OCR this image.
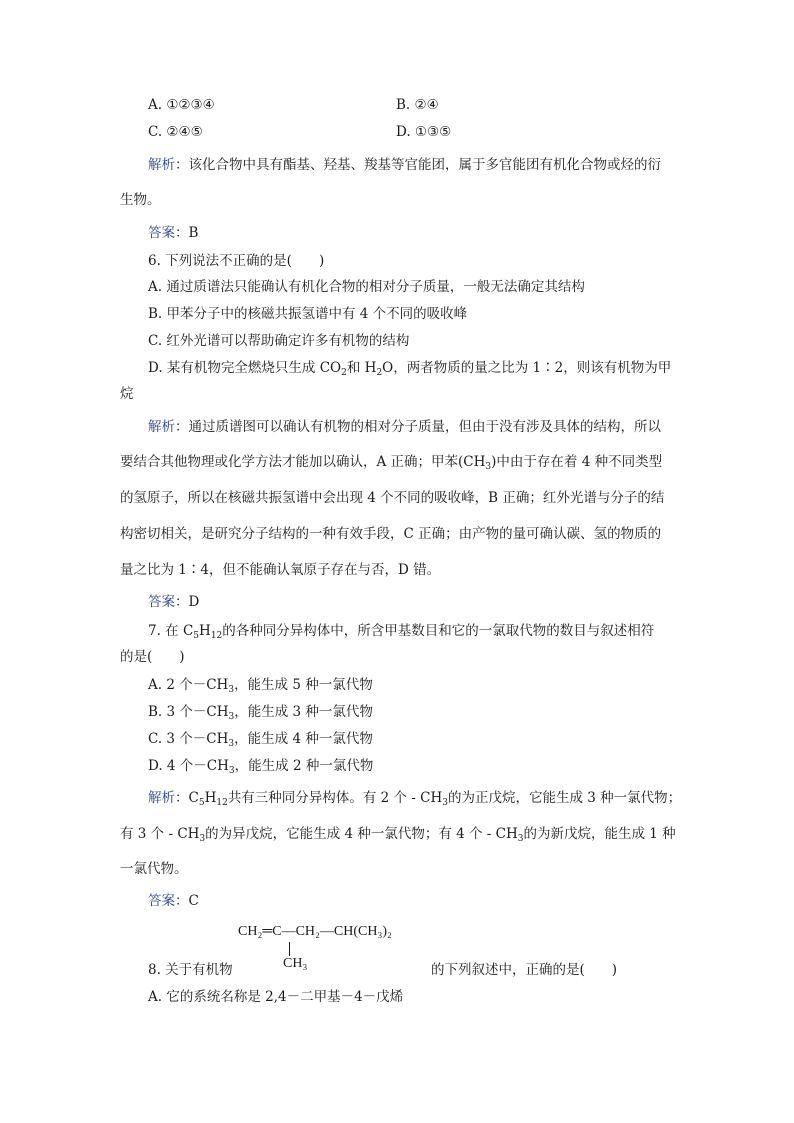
A. ①②③④	B. ②④
C. ②④⑤	D. ①③⑤
解析：该化合物中具有酯基、羟基、羧基等官能团，属于多官能团有机化合物或烃的衍
生物。
答案：B
6. 下列说法不正确的是(　　)
A. 通过质谱法只能确认有机化合物的相对分子质量，一般无法确定其结构
B. 甲苯分子中的核磁共振氢谱中有 4 个不同的吸收峰
C. 红外光谱可以帮助确定许多有机物的结构
D. 某有机物完全燃烧只生成 $CO_2$和 $H_2O$，两者物质的量之比为 1∶2，则该有机物为甲
烷
解析：通过质谱图可以确认有机物的相对分子质量，但由于没有涉及具体的结构，所以
要结合其他物理或化学方法才能加以确认，A 正确；甲苯$(CH_3)$中由于存在着 4 种不同类型
的氢原子，所以在核磁共振氢谱中会出现 4 个不同的吸收峰，B 正确；红外光谱与分子的结
构密切相关，是研究分子结构的一种有效手段，C 正确；由产物的量可确认碳、氢的物质的
量之比为 1∶4，但不能确认氧原子存在与否，D 错。
答案：D
7. 在 $C_5H_{12}$的各种同分异构体中，所含甲基数目和它的一氯取代物的数目与叙述相符
的是(　　)
A. 2 个$-CH_3$，能生成 5 种一氯代物
B. 3 个$-CH_3$，能生成 3 种一氯代物
C. 3 个$-CH_3$，能生成 4 种一氯代物
D. 4 个$-CH_3$，能生成 2 种一氯代物
解析：$C_5H_{12}$共有三种同分异构体。有 2 个 - $CH_3$的为正戊烷，它能生成 3 种一氯代物；
有 3 个 - $CH_3$的为异戊烷，它能生成 4 种一氯代物；有 4 个 - $CH_3$的为新戊烷，能生成 1 种
一氯代物。
答案：C
CH₂═C—CH₂—CH(CH₃)₂
CH₃
8. 关于有机物	的下列叙述中，正确的是(　　)
A. 它的系统名称是 2,4－二甲基－4－戊烯
